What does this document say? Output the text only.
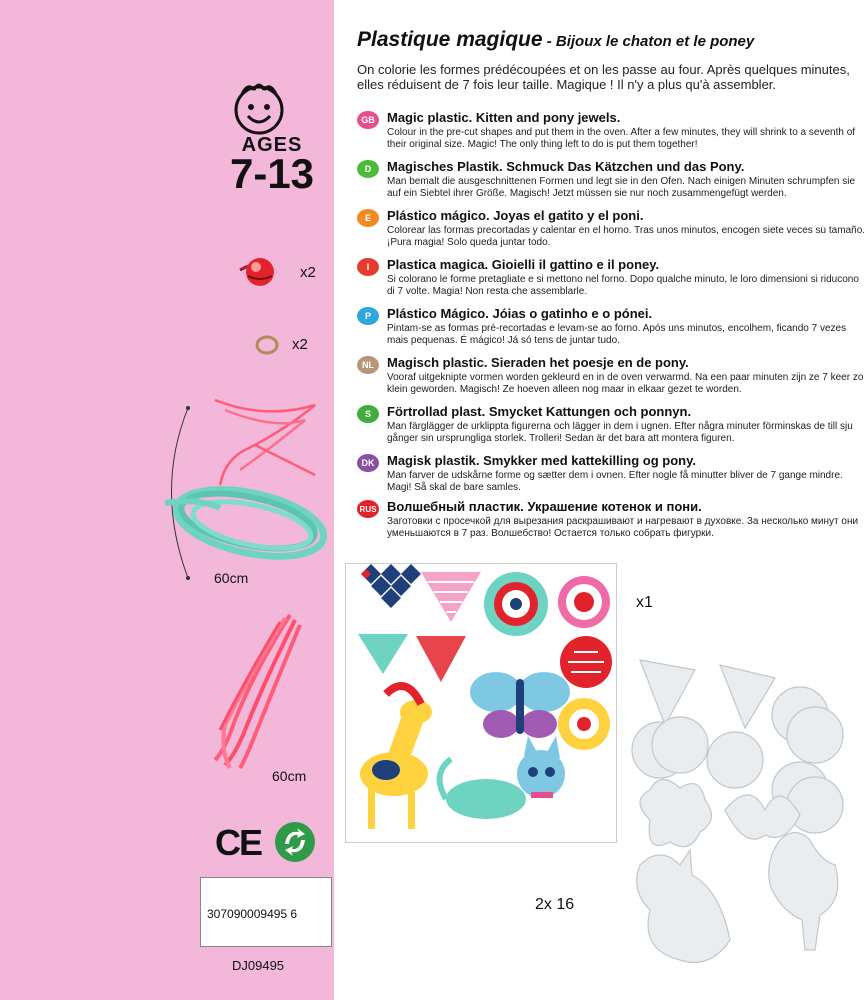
AGES
7-13
x2
x2
60cm
60cm
CE
307090009495 6
DJ09495
Plastique magique - Bijoux le chaton et le poney
On colorie les formes prédécoupées et on les passe au four. Après quelques minutes, elles réduisent de 7 fois leur taille. Magique ! Il n'y a plus qu'à assembler.
GB Magic plastic. Kitten and pony jewels.
Colour in the pre-cut shapes and put them in the oven. After a few minutes, they will shrink to a seventh of their original size. Magic! The only thing left to do is put them together!
D	Magisches Plastik. Schmuck Das Kätzchen und das Pony.
Man bemalt die ausgeschnittenen Formen und legt sie in den Ofen. Nach einigen Minuten schrumpfen sie auf ein Siebtel ihrer Größe. Magisch! Jetzt müssen sie nur noch zusammengefügt werden.
E	Plástico mágico. Joyas el gatito y el poni.
Colorear las formas precortadas y calentar en el horno. Tras unos minutos, encogen siete veces su tamaño. ¡Pura magia! Solo queda juntar todo.
I	Plastica magica. Gioielli il gattino e il poney.
Si colorano le forme pretagliate e si mettono nel forno. Dopo qualche minuto, le loro dimensioni si riducono di 7 volte. Magia! Non resta che assemblarle.
P	Plástico Mágico. Jóias o gatinho e o pónei.
Pintam-se as formas pré-recortadas e levam-se ao forno. Após uns minutos, encolhem, ficando 7 vezes mais pequenas. É mágico! Já só tens de juntar tudo.
NL	Magisch plastic. Sieraden het poesje en de pony.
Vooraf uitgeknipte vormen worden gekleurd en in de oven verwarmd. Na een paar minuten zijn ze 7 keer zo klein geworden. Magisch! Ze hoeven alleen nog maar in elkaar gezet te worden.
S	Förtrollad plast. Smycket Kattungen och ponnyn.
Man färglägger de urklippta figurerna och lägger in dem i ugnen. Efter några minuter förminskas de till sju gånger sin ursprungliga storlek. Trolleri! Sedan är det bara att montera figuren.
DK Magisk plastik. Smykker med kattekilling og pony.
Man farver de udskårne forme og sætter dem i ovnen. Efter nogle få minutter bliver de 7 gange mindre. Magi! Så skal de bare samles.
RUS Волшебный пластик. Украшение котенок и пони.
Заготовки с просечкой для вырезания раскрашивают и нагревают в духовке. За несколько минут они уменьшаются в 7 раз. Волшебство! Остается только собрать фигурки.
x1
2x 16
